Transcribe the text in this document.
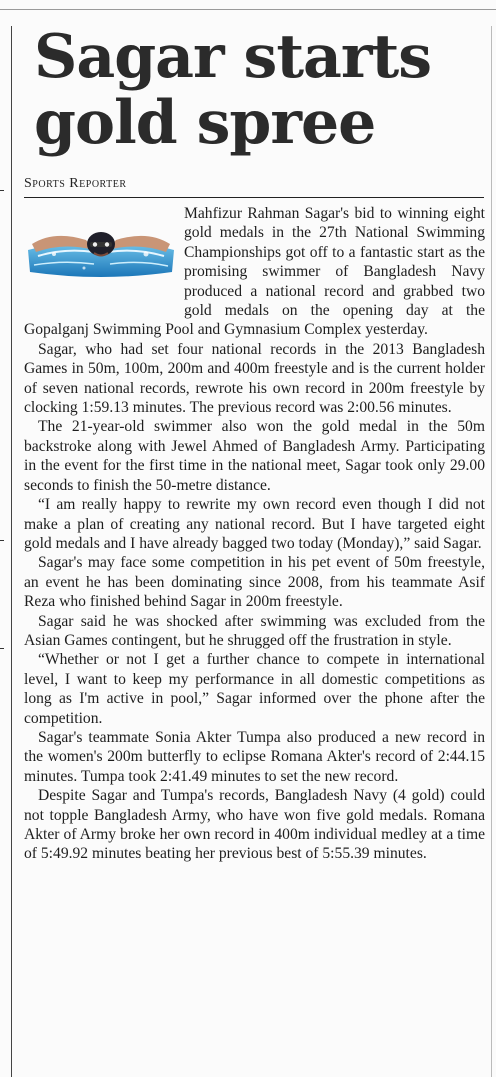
Sagar starts
gold spree
Sports Reporter

Mahfizur Rahman Sagar's bid to winning eight gold medals in the 27th National Swimming Championships got off to a fantastic start as the promising swimmer of Bangladesh Navy produced a national record and grabbed two gold medals on the opening day at the Gopalganj Swimming Pool and Gymnasium Complex yesterday.

Sagar, who had set four national records in the 2013 Bangladesh Games in 50m, 100m, 200m and 400m freestyle and is the current holder of seven national records, rewrote his own record in 200m freestyle by clocking 1:59.13 minutes. The previous record was 2:00.56 minutes.

The 21-year-old swimmer also won the gold medal in the 50m backstroke along with Jewel Ahmed of Bangladesh Army. Participating in the event for the first time in the national meet, Sagar took only 29.00 seconds to finish the 50-metre distance.

“I am really happy to rewrite my own record even though I did not make a plan of creating any national record. But I have targeted eight gold medals and I have already bagged two today (Monday),” said Sagar.

Sagar's may face some competition in his pet event of 50m freestyle, an event he has been dominating since 2008, from his teammate Asif Reza who finished behind Sagar in 200m freestyle.

Sagar said he was shocked after swimming was excluded from the Asian Games contingent, but he shrugged off the frustration in style.

“Whether or not I get a further chance to compete in international level, I want to keep my performance in all domestic competitions as long as I'm active in pool,” Sagar informed over the phone after the competition.

Sagar's teammate Sonia Akter Tumpa also produced a new record in the women's 200m butterfly to eclipse Romana Akter's record of 2:44.15 minutes. Tumpa took 2:41.49 minutes to set the new record.

Despite Sagar and Tumpa's records, Bangladesh Navy (4 gold) could not topple Bangladesh Army, who have won five gold medals. Romana Akter of Army broke her own record in 400m individual medley at a time of 5:49.92 minutes beating her previous best of 5:55.39 minutes.
